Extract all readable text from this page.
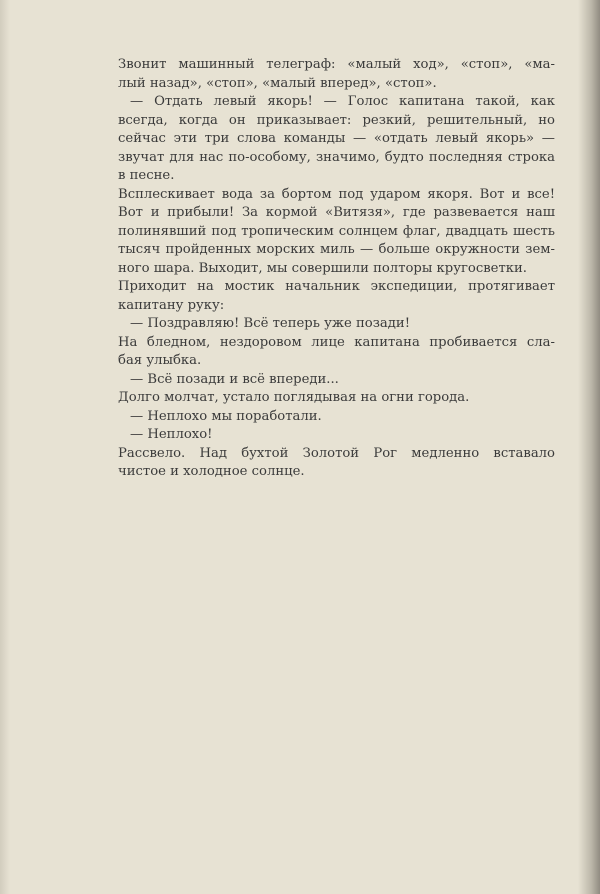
Звонит машинный телеграф: «малый ход», «стоп», «ма-
лый назад», «стоп», «малый вперед», «стоп».
— Отдать левый якорь! — Голос капитана такой, как
всегда, когда он приказывает: резкий, решительный, но
сейчас эти три слова команды — «отдать левый якорь» —
звучат для нас по-особому, значимо, будто последняя строка
в песне.
Всплескивает вода за бортом под ударом якоря. Вот и все!
Вот и прибыли! За кормой «Витязя», где развевается наш
полинявший под тропическим солнцем флаг, двадцать шесть
тысяч пройденных морских миль — больше окружности зем-
ного шара. Выходит, мы совершили полторы кругосветки.
Приходит на мостик начальник экспедиции, протягивает
капитану руку:
— Поздравляю! Всё теперь уже позади!
На бледном, нездоровом лице капитана пробивается сла-
бая улыбка.
— Всё позади и всё впереди...
Долго молчат, устало поглядывая на огни города.
— Неплохо мы поработали.
— Неплохо!
Рассвело. Над бухтой Золотой Рог медленно вставало
чистое и холодное солнце.
